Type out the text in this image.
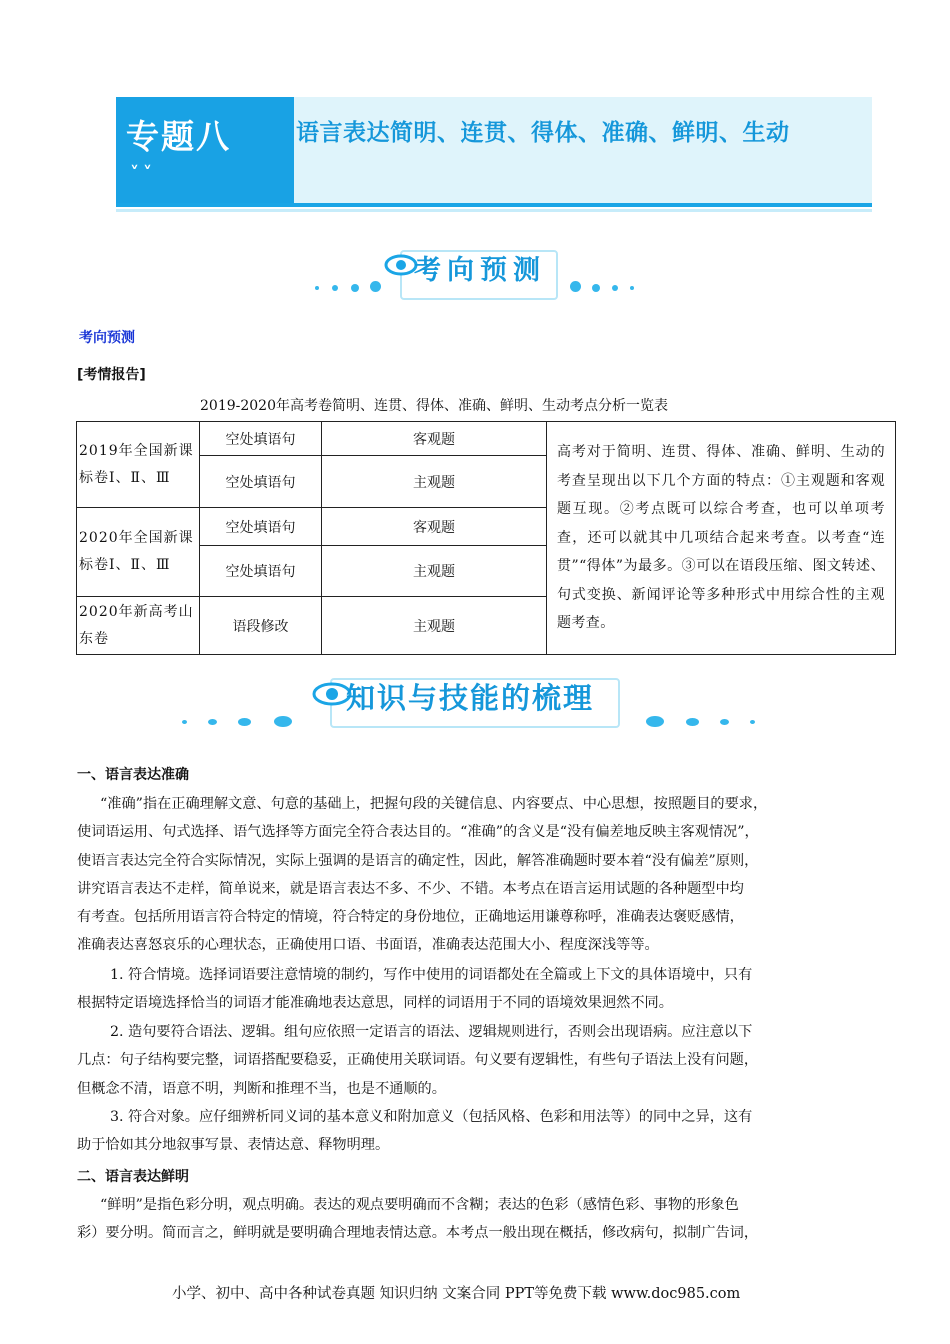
专题八
˅˅
语言表达简明、连贯、得体、准确、鲜明、生动
考向预测
考向预测
[考情报告]
2019-2020年高考卷简明、连贯、得体、准确、鲜明、生动考点分析一览表
2019年全国新课标卷Ⅰ、Ⅱ、Ⅲ	空处填语句	客观题	高考对于简明、连贯、得体、准确、鲜明、生动的考查呈现出以下几个方面的特点：①主观题和客观题互现。②考点既可以综合考查，也可以单项考查，还可以就其中几项结合起来考查。以考查“连贯”“得体”为最多。③可以在语段压缩、图文转述、句式变换、新闻评论等多种形式中用综合性的主观题考查。
	空处填语句	主观题	
2020年全国新课标卷Ⅰ、Ⅱ、Ⅲ	空处填语句	客观题	
	空处填语句	主观题	
2020年新高考山东卷	语段修改	主观题	
知识与技能的梳理
一、语言表达准确
“准确”指在正确理解文意、句意的基础上，把握句段的关键信息、内容要点、中心思想，按照题目的要求，
使词语运用、句式选择、语气选择等方面完全符合表达目的。“准确”的含义是“没有偏差地反映主客观情况”，
使语言表达完全符合实际情况，实际上强调的是语言的确定性，因此，解答准确题时要本着“没有偏差”原则，
讲究语言表达不走样，简单说来，就是语言表达不多、不少、不错。本考点在语言运用试题的各种题型中均
有考查。包括所用语言符合特定的情境，符合特定的身份地位，正确地运用谦尊称呼，准确表达褒贬感情，
准确表达喜怒哀乐的心理状态，正确使用口语、书面语，准确表达范围大小、程度深浅等等。
1. 符合情境。选择词语要注意情境的制约，写作中使用的词语都处在全篇或上下文的具体语境中，只有
根据特定语境选择恰当的词语才能准确地表达意思，同样的词语用于不同的语境效果迥然不同。
2. 造句要符合语法、逻辑。组句应依照一定语言的语法、逻辑规则进行，否则会出现语病。应注意以下
几点：句子结构要完整，词语搭配要稳妥，正确使用关联词语。句义要有逻辑性，有些句子语法上没有问题，
但概念不清，语意不明，判断和推理不当，也是不通顺的。
3. 符合对象。应仔细辨析同义词的基本意义和附加意义（包括风格、色彩和用法等）的同中之异，这有
助于恰如其分地叙事写景、表情达意、释物明理。
二、语言表达鲜明
“鲜明”是指色彩分明，观点明确。表达的观点要明确而不含糊；表达的色彩（感情色彩、事物的形象色
彩）要分明。简而言之，鲜明就是要明确合理地表情达意。本考点一般出现在概括，修改病句，拟制广告词，
小学、初中、高中各种试卷真题 知识归纳 文案合同 PPT等免费下载 www.doc985.com
